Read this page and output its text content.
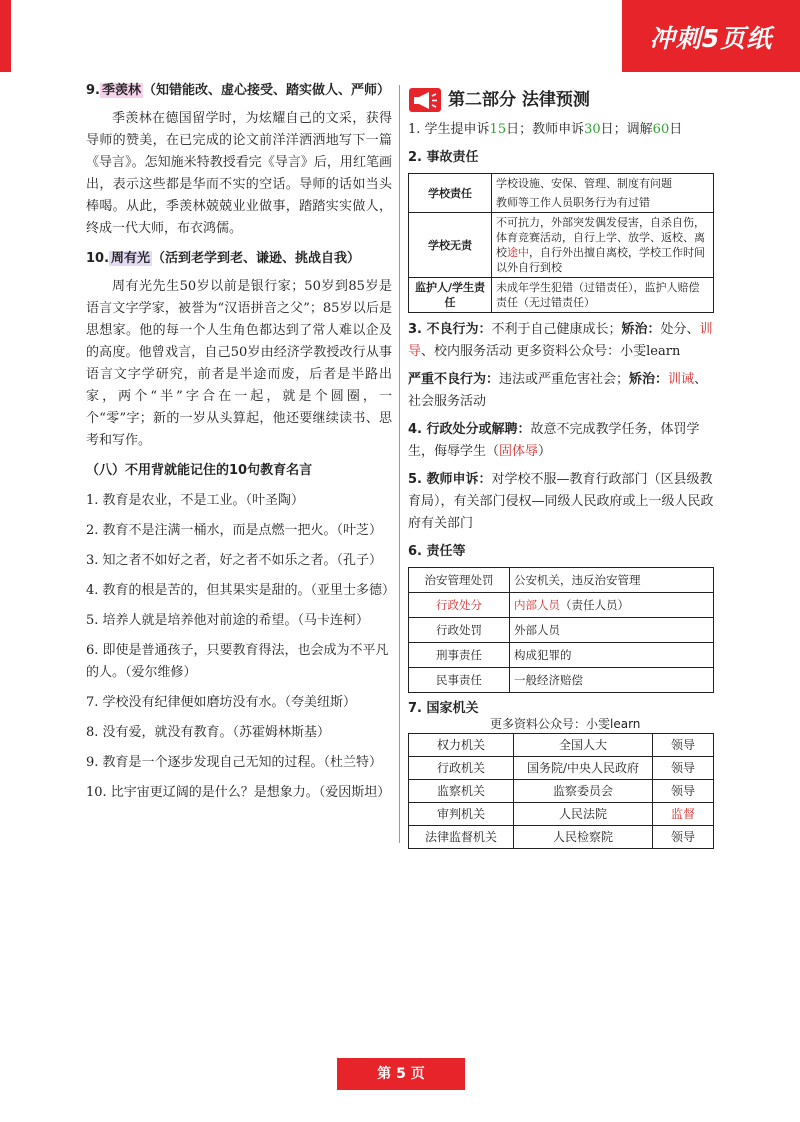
冲刺5页纸

9. 季羡林 （知错能改、虚心接受、踏实做人、严师）

季羡林在德国留学时，为炫耀自己的文采，获得导师的赞美，在已完成的论文前洋洋洒洒地写下一篇《导言》。怎知施米特教授看完《导言》后，用红笔画出，表示这些都是华而不实的空话。导师的话如当头棒喝。从此，季羡林兢兢业业做事，踏踏实实做人，终成一代大师，布衣鸿儒。

10. 周有光 （活到老学到老、谦逊、挑战自我）

周有光先生50岁以前是银行家；50岁到85岁是语言文字学家，被誉为“汉语拼音之父”；85岁以后是思想家。他的每一个人生角色都达到了常人难以企及的高度。他曾戏言，自己50岁由经济学教授改行从事语言文字学研究，前者是半途而废，后者是半路出家，两个“半”字合在一起，就是个圆圈，一个“零”字；新的一岁从头算起，他还要继续读书、思考和写作。

（八）不用背就能记住的10句教育名言

1. 教育是农业，不是工业。（叶圣陶）

2. 教育不是注满一桶水，而是点燃一把火。（叶芝）

3. 知之者不如好之者，好之者不如乐之者。（孔子）

4. 教育的根是苦的，但其果实是甜的。（亚里士多德）

5. 培养人就是培养他对前途的希望。（马卡连柯）

6. 即使是普通孩子，只要教育得法，也会成为不平凡的人。（爱尔维修）

7. 学校没有纪律便如磨坊没有水。（夸美纽斯）

8. 没有爱，就没有教育。（苏霍姆林斯基）

9. 教育是一个逐步发现自己无知的过程。（杜兰特）

10. 比宇宙更辽阔的是什么？是想象力。（爱因斯坦）

第二部分 法律预测

1. 学生提申诉15日；教师申诉30日；调解60日

2. 事故责任

学校责任	学校设施、安保、管理、制度有问题
教师等工作人员职务行为有过错

学校无责	不可抗力，外部突发偶发侵害，自杀自伤，体育竞赛活动，自行上学、放学、返校、离校途中，自行外出擅自离校，学校工作时间以外自行到校
监护人/学生责任	未成年学生犯错（过错责任），监护人赔偿责任（无过错责任）

3. 不良行为：不利于自己健康成长；矫治：处分、训导、校内服务活动 更多资料公众号：小雯learn

严重不良行为：违法或严重危害社会；矫治：训诫、社会服务活动

4. 行政处分或解聘：故意不完成教学任务，体罚学生，侮辱学生（固体辱）

5. 教师申诉：对学校不服—教育行政部门（区县级教育局），有关部门侵权—同级人民政府或上一级人民政府有关部门

6. 责任等

治安管理处罚	公安机关，违反治安管理
行政处分	内部人员（责任人员）
行政处罚	外部人员
刑事责任	构成犯罪的
民事责任	一般经济赔偿

7. 国家机关

更多资料公众号：小雯learn

权力机关	全国人大	领导
行政机关	国务院/中央人民政府	领导
监察机关	监察委员会	领导
审判机关	人民法院	监督
法律监督机关	人民检察院	领导
第 5 页
